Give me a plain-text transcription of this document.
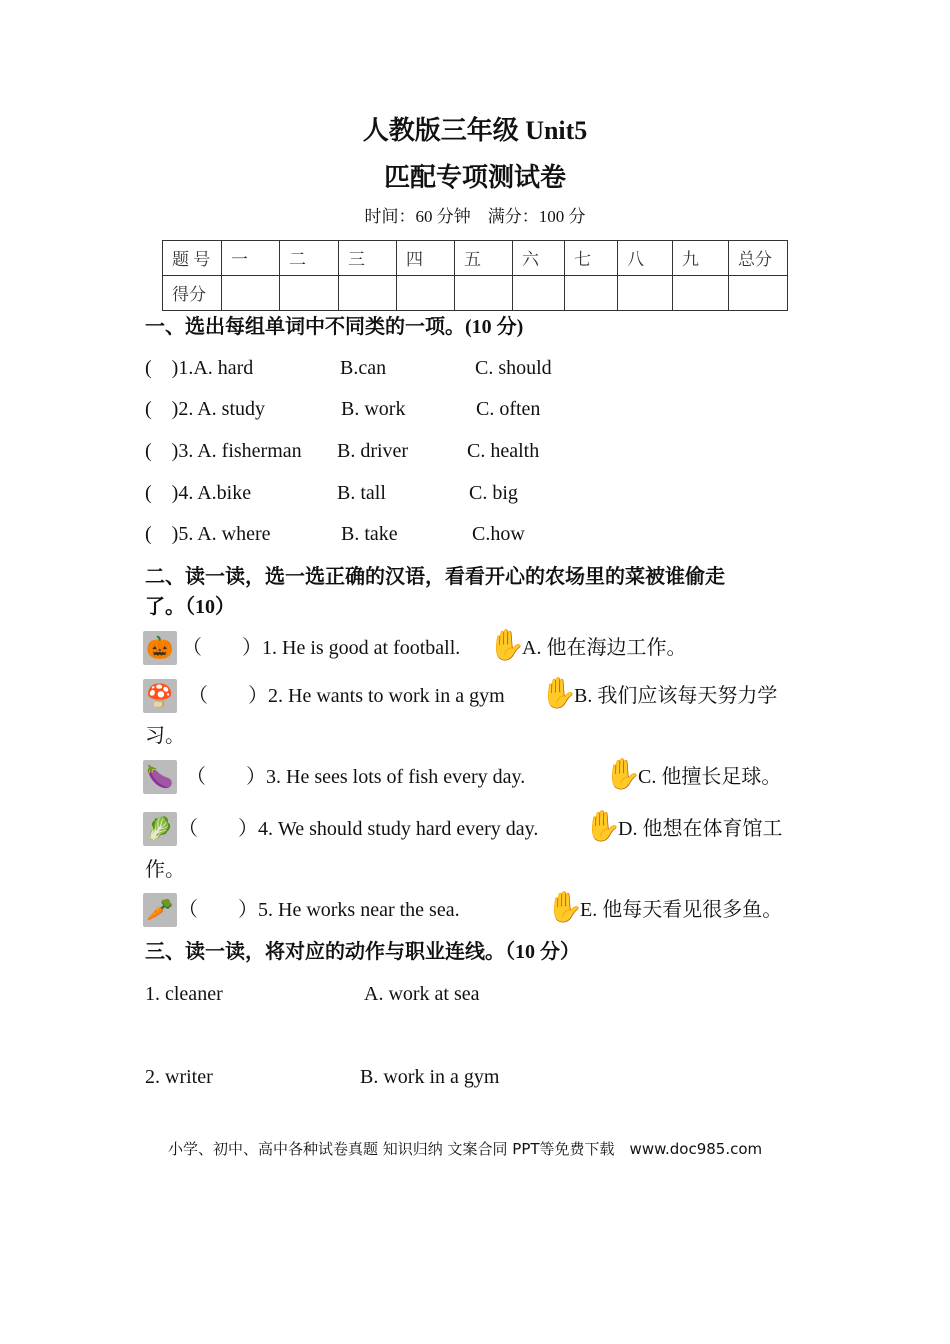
人教版三年级 Unit5
匹配专项测试卷
时间：60 分钟　满分：100 分
题 号	一	二	三	四	五	六	七	八	九	总分
得分										
一、选出每组单词中不同类的一项。(10 分)
(　)1.A. hard	B.can	C. should
(　)2. A. study	B. work	C. often
(　)3. A. fisherman B. driver	C. health
(　)4. A.bike	B. tall	C. big
(　)5. A. where	B. take	C.how
二、读一读，选一选正确的汉语，看看开心的农场里的菜被谁偷走
了。（10）
🎃 （　　）1. He is good at football. ✋
A. 他在海边工作。
🍄 （　　）2. He wants to work in a gym ✋
B. 我们应该每天努力学
习。
🍆 （　　）3. He sees lots of fish every day.	✋
C. 他擅长足球。
🥬 （　　）4. We should study hard every day. ✋
D. 他想在体育馆工
作。
🥕 （　　）5. He works near the sea.	✋
E. 他每天看见很多鱼。
三、读一读，将对应的动作与职业连线。（10 分）
1. cleaner	A. work at sea
2. writer	B. work in a gym
小学、初中、高中各种试卷真题 知识归纳 文案合同 PPT等免费下载　www.doc985.com
